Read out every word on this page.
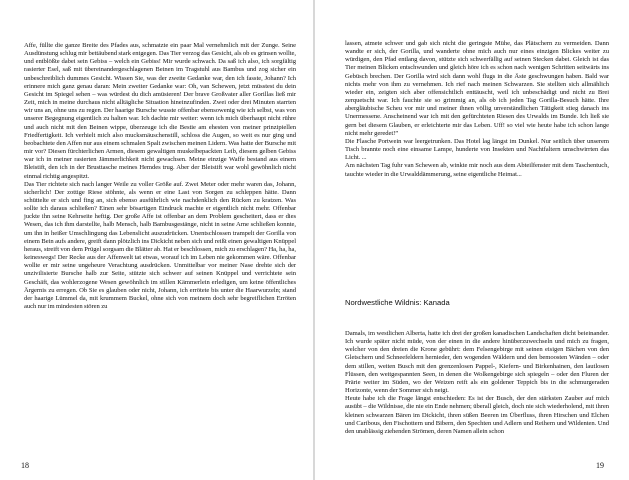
Affe, füllte die ganze Breite des Pfades aus, schmatzte ein paar Mal vernehmlich mit der Zunge. Seine Ausdünstung schlug mir bettäubend stark entgegen. Das Tier verzog das Gesicht, als ob es grinsen wollte, und entblößte dabei sein Gebiss – welch ein Gebiss! Mir wurde schwach. Da saß ich also, ich sorgfältig rasierter Esel, saß mit übereinandergeschlagenen Beinen im Tragstuhl aus Bambus und zog sicher ein unbeschreiblich dummes Gesicht. Wissen Sie, was der zweite Gedanke war, den ich fasste, Johann? Ich erinnere mich ganz genau daran: Mein zweiter Gedanke war: Oh, van Schewen, jetzt müsstest du dein Gesicht im Spiegel sehen – was würdest du dich amüsieren! Der brave Großvater aller Gorillas ließ mir Zeit, mich in meine durchaus nicht alltägliche Situation hineinzufinden. Zwei oder drei Minuten starrten wir uns an, ohne uns zu regen. Der haarige Bursche wusste offenbar ebensowenig wie ich selbst, was von unserer Begegnung eigentlich zu halten war. Ich dachte mir weiter: wenn ich mich überhaupt nicht rühre und auch nicht mit den Beinen wippe, überzeuge ich die Bestie am ehesten von meiner prinzipiellen Friedfertigkeit. Ich verhielt mich also mucksmäuschenstill, schloss die Augen, so weit es nur ging und beobachtete den Affen nur aus einem schmalen Spalt zwischen meinen Lidern. Was hatte der Bursche mit mir vor? Diesen fürchterlichen Armen, diesem gewaltigen muskelbepackten Leib, diesem gelben Gebiss war ich in meiner rasierten Jämmerlichkeit nicht gewachsen. Meine einzige Waffe bestand aus einem Bleistift, den ich in der Brusttasche meines Hemdes trug. Aber der Bleistift war wohl gewöhnlich nicht einmal richtig angespitzt.

Das Tier richtete sich nach langer Weile zu voller Größe auf. Zwei Meter oder mehr waren das, Johann, sicherlich! Der zottige Riese stöhnte, als wenn er eine Last von Sorgen zu schleppen hätte. Dann schüttelte er sich und fing an, sich ebenso ausführlich wie nachdenklich den Rücken zu kratzen. Was sollte ich daraus schließen? Einen sehr bösartigen Eindruck machte er eigentlich nicht mehr. Offenbar juckte ihn seine Kehrseite heftig. Der große Affe ist offenbar an dem Problem gescheitert, dass er dies Wesen, das ich ihm darstellte, halb Mensch, halb Bambusgestänge, nicht in seine Arne schließen konnte, um ihn in heißer Umschlingung das Lebenslicht auszudrücken. Unentschlossen trampelt der Gorilla von einem Bein aufs andere, greift dann plötzlich ins Dickicht neben sich und reißt einen gewaltigen Knüppel heraus, streift von dem Prügel sorgsam die Blätter ab. Hat er beschlossen, mich zu erschlagen? Ha, ha, ha, keineswegs! Der Recke aus der Affenwelt tat etwas, worauf ich im Leben nie gekommen wäre. Offenbar wollte er mir seine ungeheure Verachtung ausdrücken. Unmittelbar vor meiner Nase drehte sich der unzivilisierte Bursche halb zur Seite, stützte sich schwer auf seinen Knüppel und verrichtete sein Geschäft, das wohlerzogene Wesen gewöhnlich im stillen Kämmerlein erledigen, um keine öffentliches Ärgernis zu erregen. Ob Sie es glauben oder nicht, Johann, ich errötete bis unter die Haarwurzeln; stand der haarige Lümmel da, mit krummem Buckel, ohne sich von meinem doch sehr begreiflichen Erröten auch nur im mindesten stören zu

18

lassen, atmete schwer und gab sich nicht die geringste Mühe, das Plätschern zu vermeiden. Dann wandte er sich, der Gorilla, und wanderte ohne mich auch nur eines einzigen Blickes weiter zu würdigen, den Pfad entlang davon, stützte sich schwerfällig auf seinen Stecken dabei. Gleich ist das Tier meinen Blicken entschwunden und gleich höre ich es schon nach wenigen Schritten seitwärts ins Gebüsch brechen. Der Gorilla wird sich dann wohl flugs in die Äste geschwungen haben. Bald war nichts mehr von ihm zu vernehmen. Ich rief nach meinen Schwarzen. Sie stellten sich allmählich wieder ein, zeigten sich aber offensichtlich enttäuscht, weil ich unbeschädigt und nicht zu Brei zerquetscht war. Ich fauchte sie so grimmig an, als ob ich jeden Tag Gorilla-Besuch hätte. Ihre abergläubische Scheu vor mir und meiner ihnen völlig unverständlichen Tätigkeit stieg danach ins Unermessene. Anscheinend war ich mit den gefürchteten Riesen des Urwalds im Bunde. Ich ließ sie gern bei diesem Glauben, er erleichterte mir das Leben. Uff! so viel wie heute habe ich schon lange nicht mehr geredet!”

Die Flasche Portwein war leergetrunken. Das Hotel lag längst im Dunkel. Nur seitlich über unserem Tisch brannte noch eine einsame Lampe, hunderte von Insekten und Nachtfaltern umschwirrten das Licht. ...

Am nächsten Tag fuhr van Schewen ab, winkte mir noch aus dem Abteilfenster mit dem Taschentuch, tauchte wieder in die Urwalddämmerung, seine eigentliche Heimat...

Nordwestliche Wildnis: Kanada

Damals, im westlichen Alberta, hatte ich drei der großen kanadischen Landschaften dicht beieinander. Ich wurde später nicht müde, von der einen in die andere hinüberzuwechseln und mich zu fragen, welcher von den dreien die Krone gebührt: dem Felsengebirge mit seinen eisigen Bächen von den Gletschern und Schneefeldern hernieder, den wogenden Wäldern und den bemoosten Wänden – oder dem stillen, weiten Busch mit den grenzenlosen Pappel-, Kiefern- und Birkenhainen, den lautlosen Flüssen, den weitgespannten Seen, in denen die Wolkengebirge sich spiegeln – oder den Fluren der Prärie weiter im Süden, wo der Weizen reift als ein goldener Teppich bis in die schmurgeraden Horizonte, wenn der Sommer sich neigt.

Heute habe ich die Frage längst entschieden: Es ist der Busch, der den stärksten Zauber auf mich ausübt – die Wildnisse, die nie ein Ende nehmen; überall gleich, doch nie sich wiederholend, mit ihren kleinen schwarzen Bären im Dickicht, ihren süßen Beeren im Überfluss, ihren Hirschen und Elchen und Caribous, den Fischottern und Bibern, den Spechten und Adlern und Reihern und Wildenten. Und den unablässig ziehenden Strömen, deren Namen allein schon

19
